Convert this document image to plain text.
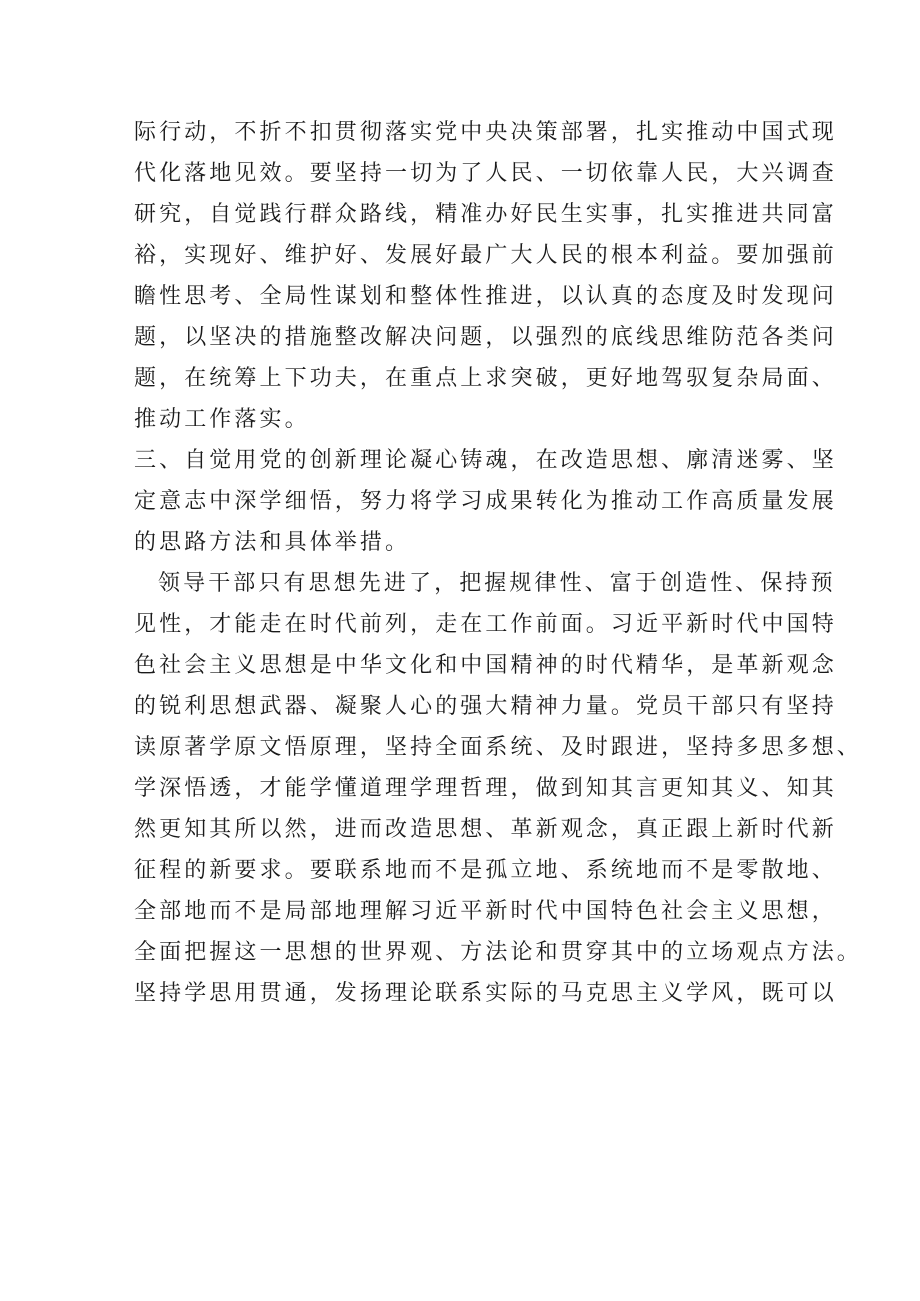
际行动，不折不扣贯彻落实党中央决策部署，扎实推动中国式现
代化落地见效。要坚持一切为了人民、一切依靠人民，大兴调查
研究，自觉践行群众路线，精准办好民生实事，扎实推进共同富
裕，实现好、维护好、发展好最广大人民的根本利益。要加强前
瞻性思考、全局性谋划和整体性推进，以认真的态度及时发现问
题，以坚决的措施整改解决问题，以强烈的底线思维防范各类问
题，在统筹上下功夫，在重点上求突破，更好地驾驭复杂局面、
推动工作落实。
三、自觉用党的创新理论凝心铸魂，在改造思想、廓清迷雾、坚
定意志中深学细悟，努力将学习成果转化为推动工作高质量发展
的思路方法和具体举措。
领导干部只有思想先进了，把握规律性、富于创造性、保持预
见性，才能走在时代前列，走在工作前面。习近平新时代中国特
色社会主义思想是中华文化和中国精神的时代精华，是革新观念
的锐利思想武器、凝聚人心的强大精神力量。党员干部只有坚持
读原著学原文悟原理，坚持全面系统、及时跟进，坚持多思多想、
学深悟透，才能学懂道理学理哲理，做到知其言更知其义、知其
然更知其所以然，进而改造思想、革新观念，真正跟上新时代新
征程的新要求。要联系地而不是孤立地、系统地而不是零散地、
全部地而不是局部地理解习近平新时代中国特色社会主义思想，
全面把握这一思想的世界观、方法论和贯穿其中的立场观点方法。
坚持学思用贯通，发扬理论联系实际的马克思主义学风，既可以
